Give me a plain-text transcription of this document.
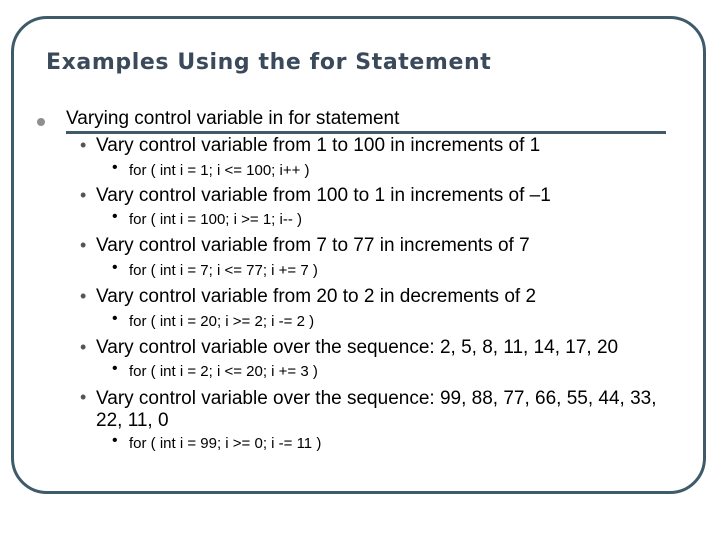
Examples Using the for Statement
Varying control variable in for statement
• Vary control variable from 1 to 100 in increments of 1
• for ( int i = 1; i <= 100; i++ )
• Vary control variable from 100 to 1 in increments of –1
• for ( int i = 100; i >= 1; i-- )
• Vary control variable from 7 to 77 in increments of 7
• for ( int i = 7; i <= 77; i += 7 )
• Vary control variable from 20 to 2 in decrements of 2
• for ( int i = 20; i >= 2; i -= 2 )
• Vary control variable over the sequence: 2, 5, 8, 11, 14, 17, 20
• for ( int i = 2; i <= 20; i += 3 )
• Vary control variable over the sequence: 99, 88, 77, 66, 55, 44, 33, 22, 11, 0
• for ( int i = 99; i >= 0; i -= 11 )
